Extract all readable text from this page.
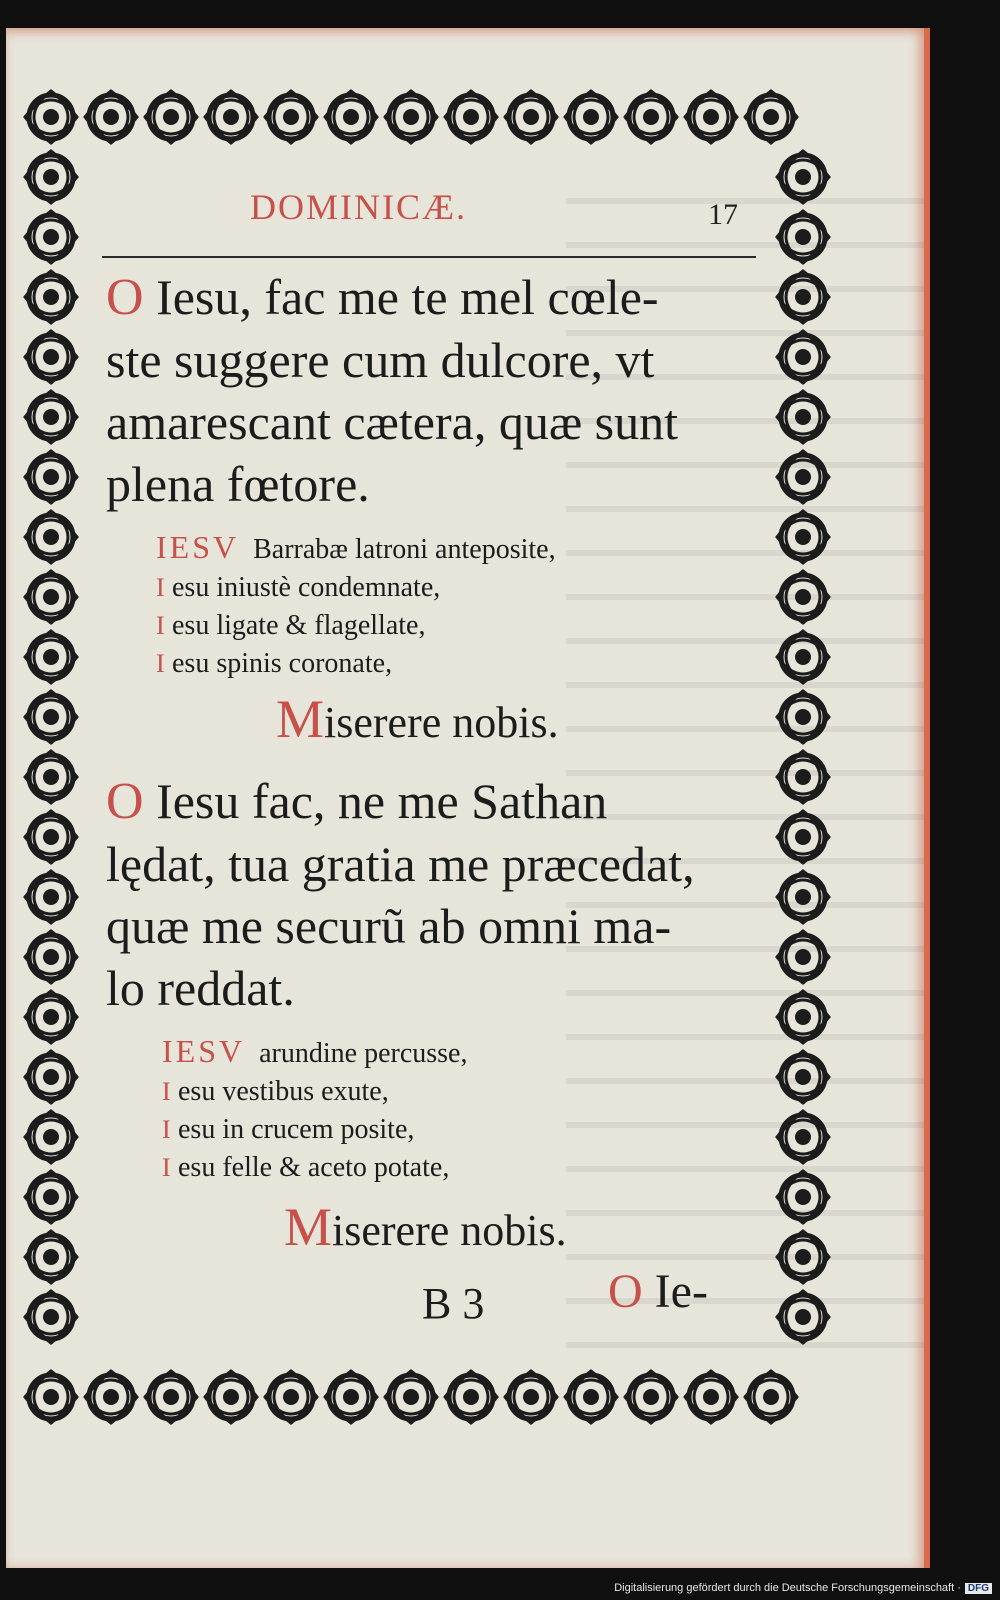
DOMINICÆ.	17
O Iesu, fac me te mel cœle-
ste suggere cum dulcore, vt
amarescant cætera, quæ sunt
plena fœtore.
IESV Barrabæ latroni anteposite,
I esu iniustè condemnate,
I esu ligate & flagellate,
I esu spinis coronate,
Miserere nobis.
O Iesu fac, ne me Sathan
lędat, tua gratia me præcedat,
quæ me securũ ab omni ma-
lo reddat.
IESV arundine percusse,
I esu vestibus exute,
I esu in crucem posite,
I esu felle & aceto potate,
Miserere nobis.
B 3	O Ie-
Digitalisierung gefördert durch die Deutsche Forschungsgemeinschaft · DFG
